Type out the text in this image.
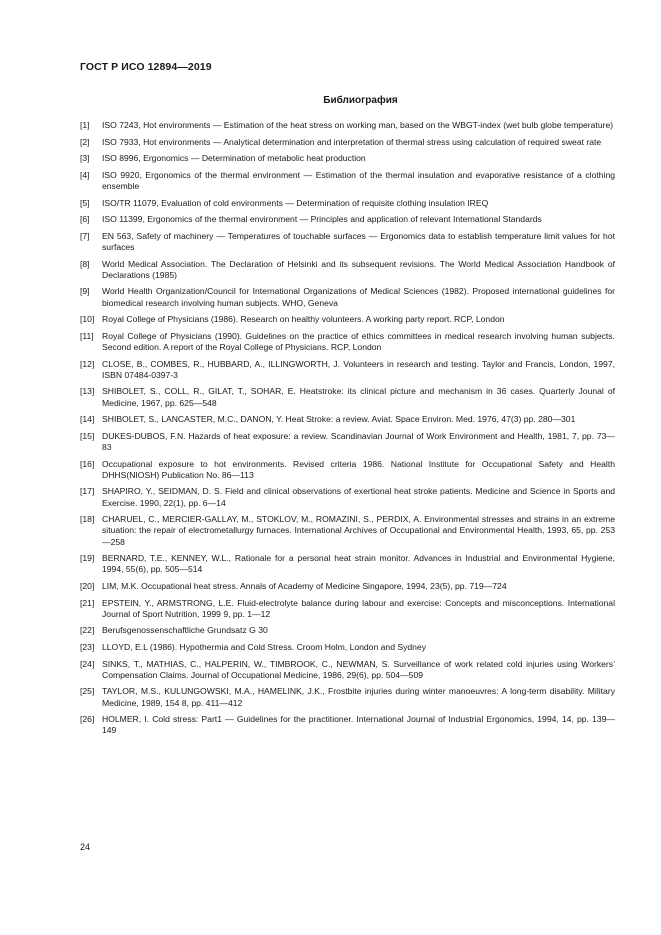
ГОСТ Р ИСО 12894—2019
Библиография
[1]	ISO 7243, Hot environments — Estimation of the heat stress on working man, based on the WBGT-index (wet bulb globe temperature)
[2]	ISO 7933, Hot environments — Analytical determination and interpretation of thermal stress using calculation of required sweat rate
[3]	ISO 8996, Ergonomics — Determination of metabolic heat production
[4]	ISO 9920, Ergonomics of the thermal environment — Estimation of the thermal insulation and evaporative resistance of a clothing ensemble
[5]	ISO/TR 11079, Evaluation of cold environments — Determination of requisite clothing insulation IREQ
[6]	ISO 11399, Ergonomics of the thermal environment — Principles and application of relevant International Standards
[7]	EN 563, Safety of machinery — Temperatures of touchable surfaces — Ergonomics data to establish temperature limit values for hot surfaces
[8]	World Medical Association. The Declaration of Helsinki and its subsequent revisions. The World Medical Association Handbook of Declarations (1985)
[9]	World Health Organization/Council for International Organizations of Medical Sciences (1982). Proposed international guidelines for biomedical research involving human subjects. WHO, Geneva
[10] Royal College of Physicians (1986). Research on healthy volunteers. A working party report. RCP, London
[11] Royal College of Physicians (1990). Guidelines on the practice of ethics committees in medical research involving human subjects. Second edition. A report of the Royal College of Physicians. RCP, London
[12] CLOSE, B., COMBES, R., HUBBARD, A., ILLINGWORTH, J. Volunteers in research and testing. Taylor and Francis, London, 1997, ISBN 07484-0397-3
[13] SHIBOLET, S., COLL, R., GILAT, T., SOHAR, E. Heatstroke: its clinical picture and mechanism in 36 cases. Quarterly Jounal of Medicine, 1967, pp. 625—548
[14] SHIBOLET, S., LANCASTER, M.C., DANON, Y. Heat Stroke: a review. Aviat. Space Environ. Med. 1976, 47(3) pp. 280—301
[15] DUKES-DUBOS, F.N. Hazards of heat exposure: a review. Scandinavian Journal of Work Environment and Health, 1981, 7, pp. 73—83
[16] Occupational exposure to hot environments. Revised criteria 1986. National Institute for Occupational Safety and Health DHHS(NIOSH) Publication No. 86—113
[17] SHAPIRO, Y., SEIDMAN, D. S. Field and clinical observations of exertional heat stroke patients. Medicine and Science in Sports and Exercise. 1990, 22(1), pp. 6—14
[18] CHARUEL, C., MERCIER-GALLAY, M., STOKLOV, M., ROMAZINI, S., PERDIX, A. Environmental stresses and strains in an extreme situation: the repair of electrometallurgy furnaces. International Archives of Occupational and Environmental Health, 1993, 65, pp. 253—258
[19] BERNARD, T.E., KENNEY, W.L., Rationale for a personal heat strain monitor. Advances in Industrial and Environmental Hygiene, 1994, 55(6), pp. 505—514
[20] LIM, M.K. Occupational heat stress. Annals of Academy of Medicine Singapore, 1994, 23(5), pp. 719—724
[21] EPSTEIN, Y., ARMSTRONG, L.E. Fluid-electrolyte balance during labour and exercise: Concepts and misconceptions. International Journal of Sport Nutrition, 1999 9, pp. 1—12
[22] Berufsgenossenschaftliche Grundsatz G 30
[23] LLOYD, E.L (1986). Hypothermia and Cold Stress. Croom Holm, London and Sydney
[24] SINKS, T., MATHIAS, C., HALPERIN, W., TIMBROOK, C., NEWMAN, S. Surveillance of work related cold injuries using Workers’ Compensation Claims. Journal of Occupational Medicine, 1986, 29(6), pp. 504—509
[25] TAYLOR, M.S., KULUNGOWSKI, M.A., HAMELINK, J.K., Frostbite injuries during winter manoeuvres: A long-term disability. Military Medicine, 1989, 154 8, pp. 411—412
[26] HOLMER, I. Cold stress: Part1 — Guidelines for the practitioner. International Journal of Industrial Ergonomics, 1994, 14, pp. 139—149
24
